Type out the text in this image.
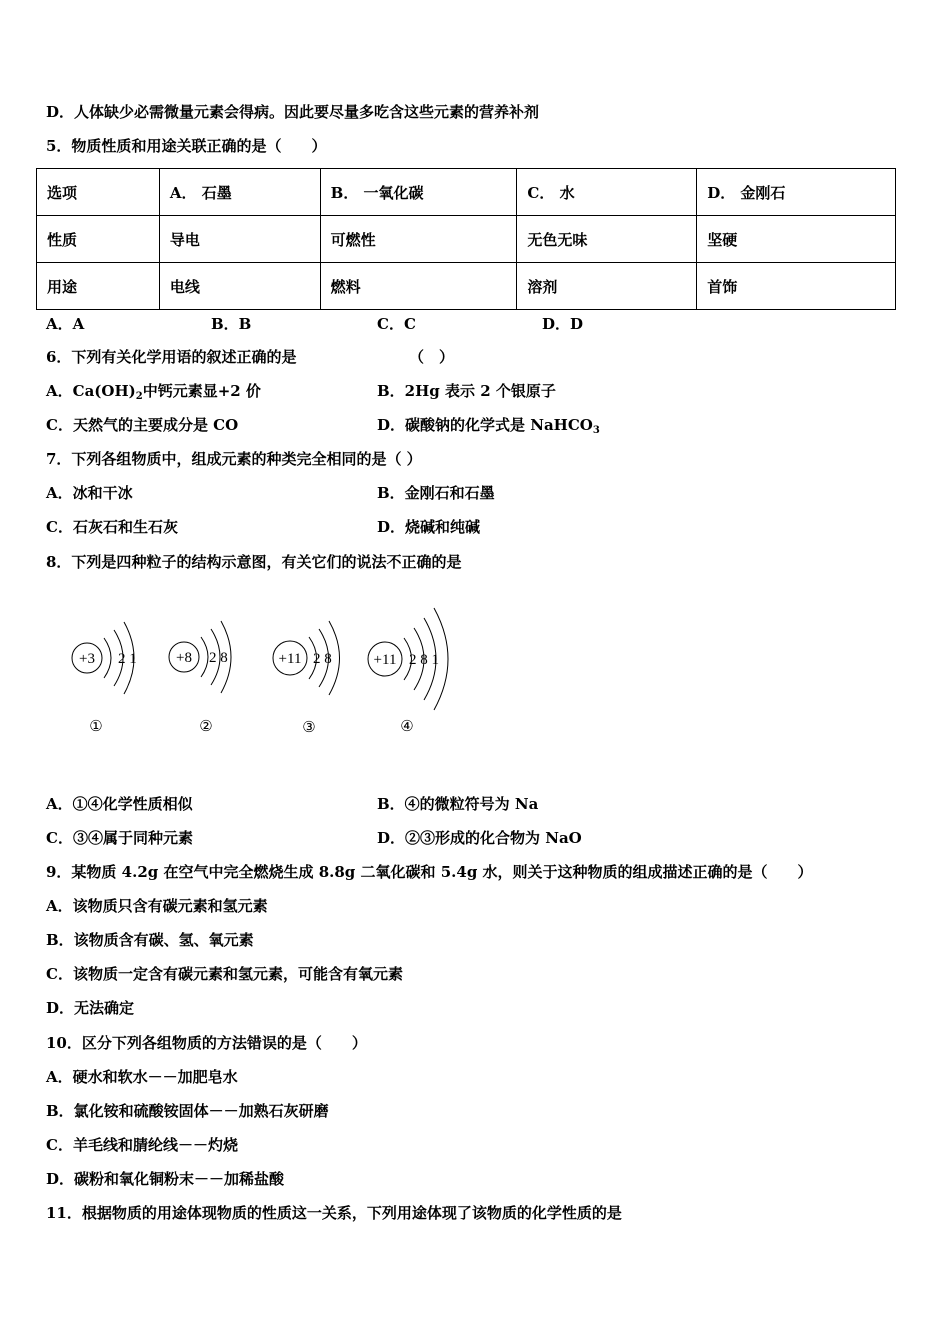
D．人体缺少必需微量元素会得病。因此要尽量多吃含这些元素的营养补剂
5．物质性质和用途关联正确的是（　　）
选项	A． 石墨	B． 一氧化碳	C． 水	D． 金刚石
性质	导电	可燃性	无色无味	坚硬
用途	电线	燃料	溶剂	首饰
A．A	B．B	C．C	D．D
6．下列有关化学用语的叙述正确的是　　　　　　　　（　）
A．$Ca(OH)_2$中钙元素显+2 价	B．2Hg 表示 2 个银原子
C．天然气的主要成分是 CO	D．碳酸钠的化学式是 NaHCO$_3$
7．下列各组物质中，组成元素的种类完全相同的是（ ）
A．冰和干冰	B．金刚石和石墨
C．石灰石和生石灰	D．烧碱和纯碱
8．下列是四种粒子的结构示意图，有关它们的说法不正确的是
+3 2 1
①
+8 2 8
②
+11 2 8
③
+11 2 8 1
④
A．①④化学性质相似	B．④的微粒符号为 Na
C．③④属于同种元素	D．②③形成的化合物为 NaO
9．某物质 4.2g 在空气中完全燃烧生成 8.8g 二氧化碳和 5.4g 水，则关于这种物质的组成描述正确的是（　　）
A．该物质只含有碳元素和氢元素
B．该物质含有碳、氢、氧元素
C．该物质一定含有碳元素和氢元素，可能含有氧元素
D．无法确定
10．区分下列各组物质的方法错误的是（　　）
A．硬水和软水－－加肥皂水
B．氯化铵和硫酸铵固体－－加熟石灰研磨
C．羊毛线和腈纶线－－灼烧
D．碳粉和氧化铜粉末－－加稀盐酸
11．根据物质的用途体现物质的性质这一关系，下列用途体现了该物质的化学性质的是
